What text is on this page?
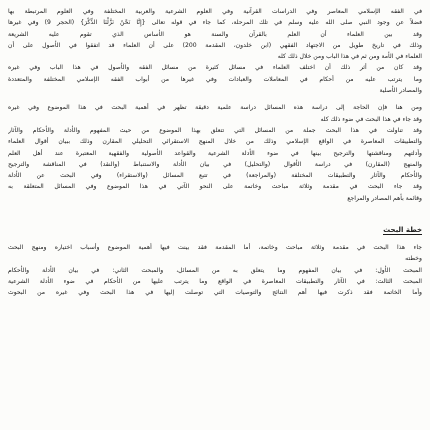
في الفقه الإسلامي المعاصر وفي الدراسات القرآنية وفي العلوم الشرعية والعربية المختلفة وفي العلوم المرتبطة بها
فضلاً عن وجود النبي صلى الله عليه وسلم في تلك المرحلة، كما جاء في قوله تعالى {إِنَّا نَحْنُ نَزَّلْنَا الذِّكْرَ} (الحجر 9) وفي غيرها
وقد بين العلماء أن العلم بالقرآن والسنة هو الأساس الذي تقوم عليه الشريعة
وذلك في تاريخ طويل من الاجتهاد الفقهي (ابن خلدون، المقدمة 200) على أن العلماء قد اتفقوا في الأصول على أن
العلماء في الأمة ومن ثم في هذا الباب ومن خلال ذلك كله
وقد كان من أثر ذلك أن اختلف العلماء في مسائل كثيرة من مسائل الفقه والأصول في هذا الباب وفي غيره
وما يترتب عليه من أحكام في المعاملات والعبادات وفي غيرها من أبواب الفقه الإسلامي المختلفة والمتعددة
والمصادر الأصلية
ومن هنا فإن الحاجة إلى دراسة هذه المسائل دراسة علمية دقيقة تظهر في أهمية البحث في هذا الموضوع وفي غيره
وقد جاء في هذا البحث في ضوء ذلك كله
وقد تناولت في هذا البحث جملة من المسائل التي تتعلق بهذا الموضوع من حيث المفهوم والأدلة والأحكام والآثار
والتطبيقات المعاصرة في الواقع الإسلامي وذلك من خلال المنهج الاستقرائي التحليلي المقارن وذلك ببيان أقوال العلماء
وأدلتهم ومناقشتها والترجيح بينها في ضوء الأدلة الشرعية والقواعد الأصولية والفقهية المعتبرة عند أهل العلم
والمنهج (المقارن) في دراسة الأقوال (والتحليل) في بيان الأدلة والاستنباط (والنقد) في المناقشة والترجيح
والأحكام والآثار والتطبيقات المختلفة (والمراجعة) في تتبع المسائل (والاستقراء) وفي البحث عن الأدلة
وقد جاء البحث في مقدمة وثلاثة مباحث وخاتمة على النحو الآتي في هذا الموضوع وفي المسائل المتعلقة به
وقائمة بأهم المصادر والمراجع
خطة البحث
جاء هذا البحث في مقدمة وثلاثة مباحث وخاتمة، أما المقدمة فقد بينت فيها أهمية الموضوع وأسباب اختياره ومنهج البحث
وخطته
المبحث الأول: في بيان المفهوم وما يتعلق به من المسائل، والمبحث الثاني: في بيان الأدلة والأحكام
المبحث الثالث: في الآثار والتطبيقات المعاصرة في الواقع وما يترتب عليها من الأحكام في ضوء الأدلة الشرعية
وأما الخاتمة فقد ذكرت فيها أهم النتائج والتوصيات التي توصلت إليها في هذا البحث وفي غيره من البحوث
